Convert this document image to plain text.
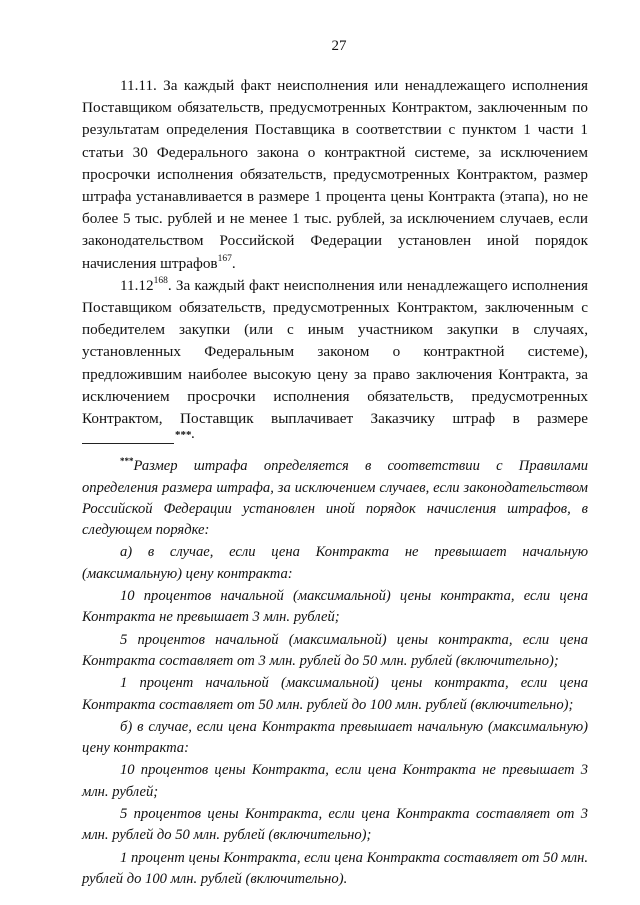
27

11.11. За каждый факт неисполнения или ненадлежащего исполнения Поставщиком обязательств, предусмотренных Контрактом, заключенным по результатам определения Поставщика в соответствии с пунктом 1 части 1 статьи 30 Федерального закона о контрактной системе, за исключением просрочки исполнения обязательств, предусмотренных Контрактом, размер штрафа устанавливается в размере 1 процента цены Контракта (этапа), но не более 5 тыс. рублей и не менее 1 тыс. рублей, за исключением случаев, если законодательством Российской Федерации установлен иной порядок начисления штрафов$^{167}$.

11.12$^{168}$. За каждый факт неисполнения или ненадлежащего исполнения Поставщиком обязательств, предусмотренных Контрактом, заключенным с победителем закупки (или с иным участником закупки в случаях, установленных Федеральным законом о контрактной системе), предложившим наиболее высокую цену за право заключения Контракта, за исключением просрочки исполнения обязательств, предусмотренных Контрактом, Поставщик выплачивает Заказчику штраф в размере

***.

***Размер штрафа определяется в соответствии с Правилами определения размера штрафа, за исключением случаев, если законодательством Российской Федерации установлен иной порядок начисления штрафов, в следующем порядке:

а) в случае, если цена Контракта не превышает начальную (максимальную) цену контракта:

10 процентов начальной (максимальной) цены контракта, если цена Контракта не превышает 3 млн. рублей;

5 процентов начальной (максимальной) цены контракта, если цена Контракта составляет от 3 млн. рублей до 50 млн. рублей (включительно);

1 процент начальной (максимальной) цены контракта, если цена Контракта составляет от 50 млн. рублей до 100 млн. рублей (включительно);

б) в случае, если цена Контракта превышает начальную (максимальную) цену контракта:

10 процентов цены Контракта, если цена Контракта не превышает 3 млн. рублей;

5 процентов цены Контракта, если цена Контракта составляет от 3 млн. рублей до 50 млн. рублей (включительно);

1 процент цены Контракта, если цена Контракта составляет от 50 млн. рублей до 100 млн. рублей (включительно).
